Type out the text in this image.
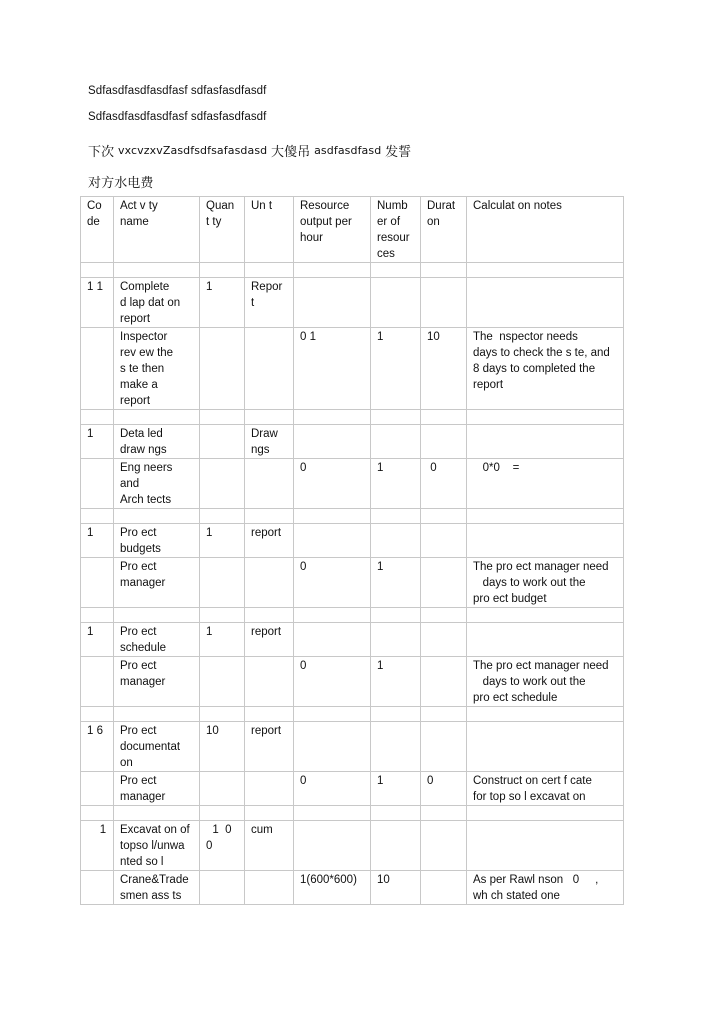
Sdfasdfasdfasdfasf sdfasfasdfasdf
Sdfasdfasdfasdfasf sdfasfasdfasdf
下次 vxcvzxvZasdfsdfsafasdasd 大傻吊 asdfasdfasd 发誓
对方水电费
Co
de	Act v ty
name	Quan
t ty	Un t	Resource
output per
hour	Numb
er of
resour
ces	Durat
on	Calculat on notes

1 1	Complete
d lap dat on
report	1	Repor
t				
	Inspector
rev ew the
s te then
make a
report			0 1	1	10	The  nspector needs
days to check the s te, and
8 days to completed the
report

1	Deta led
draw ngs		Draw
ngs				
	Eng neers
and
Arch tects			0	1	0	0*0    =

1	Pro ect
budgets	1	report				
	Pro ect
manager			0	1		The pro ect manager need
days to work out the
pro ect budget

1	Pro ect
schedule	1	report				
	Pro ect
manager			0	1		The pro ect manager need
days to work out the
pro ect schedule

1 6	Pro ect
documentat
on	10	report				
	Pro ect
manager			0	1	0	Construct on cert f cate
for top so l excavat on

1	Excavat on of
topso l/unwa
nted so l	1  0
0	cum				
	Crane&Trade
smen ass ts			1(600*600)	10		As per Rawl nson   0     ,
wh ch stated one
